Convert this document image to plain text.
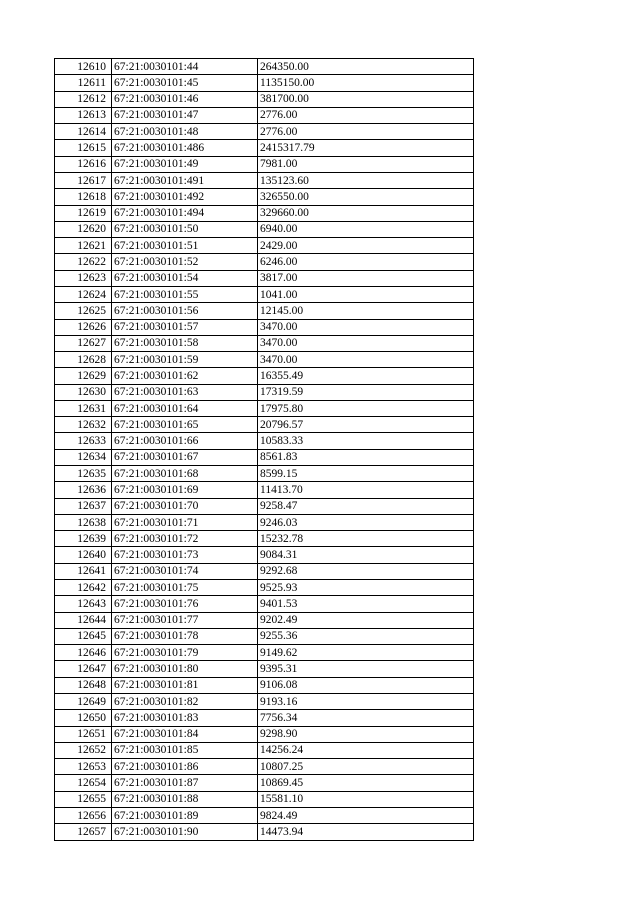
12610	67:21:0030101:44	264350.00
12611	67:21:0030101:45	1135150.00
12612	67:21:0030101:46	381700.00
12613	67:21:0030101:47	2776.00
12614	67:21:0030101:48	2776.00
12615	67:21:0030101:486	2415317.79
12616	67:21:0030101:49	7981.00
12617	67:21:0030101:491	135123.60
12618	67:21:0030101:492	326550.00
12619	67:21:0030101:494	329660.00
12620	67:21:0030101:50	6940.00
12621	67:21:0030101:51	2429.00
12622	67:21:0030101:52	6246.00
12623	67:21:0030101:54	3817.00
12624	67:21:0030101:55	1041.00
12625	67:21:0030101:56	12145.00
12626	67:21:0030101:57	3470.00
12627	67:21:0030101:58	3470.00
12628	67:21:0030101:59	3470.00
12629	67:21:0030101:62	16355.49
12630	67:21:0030101:63	17319.59
12631	67:21:0030101:64	17975.80
12632	67:21:0030101:65	20796.57
12633	67:21:0030101:66	10583.33
12634	67:21:0030101:67	8561.83
12635	67:21:0030101:68	8599.15
12636	67:21:0030101:69	11413.70
12637	67:21:0030101:70	9258.47
12638	67:21:0030101:71	9246.03
12639	67:21:0030101:72	15232.78
12640	67:21:0030101:73	9084.31
12641	67:21:0030101:74	9292.68
12642	67:21:0030101:75	9525.93
12643	67:21:0030101:76	9401.53
12644	67:21:0030101:77	9202.49
12645	67:21:0030101:78	9255.36
12646	67:21:0030101:79	9149.62
12647	67:21:0030101:80	9395.31
12648	67:21:0030101:81	9106.08
12649	67:21:0030101:82	9193.16
12650	67:21:0030101:83	7756.34
12651	67:21:0030101:84	9298.90
12652	67:21:0030101:85	14256.24
12653	67:21:0030101:86	10807.25
12654	67:21:0030101:87	10869.45
12655	67:21:0030101:88	15581.10
12656	67:21:0030101:89	9824.49
12657	67:21:0030101:90	14473.94
